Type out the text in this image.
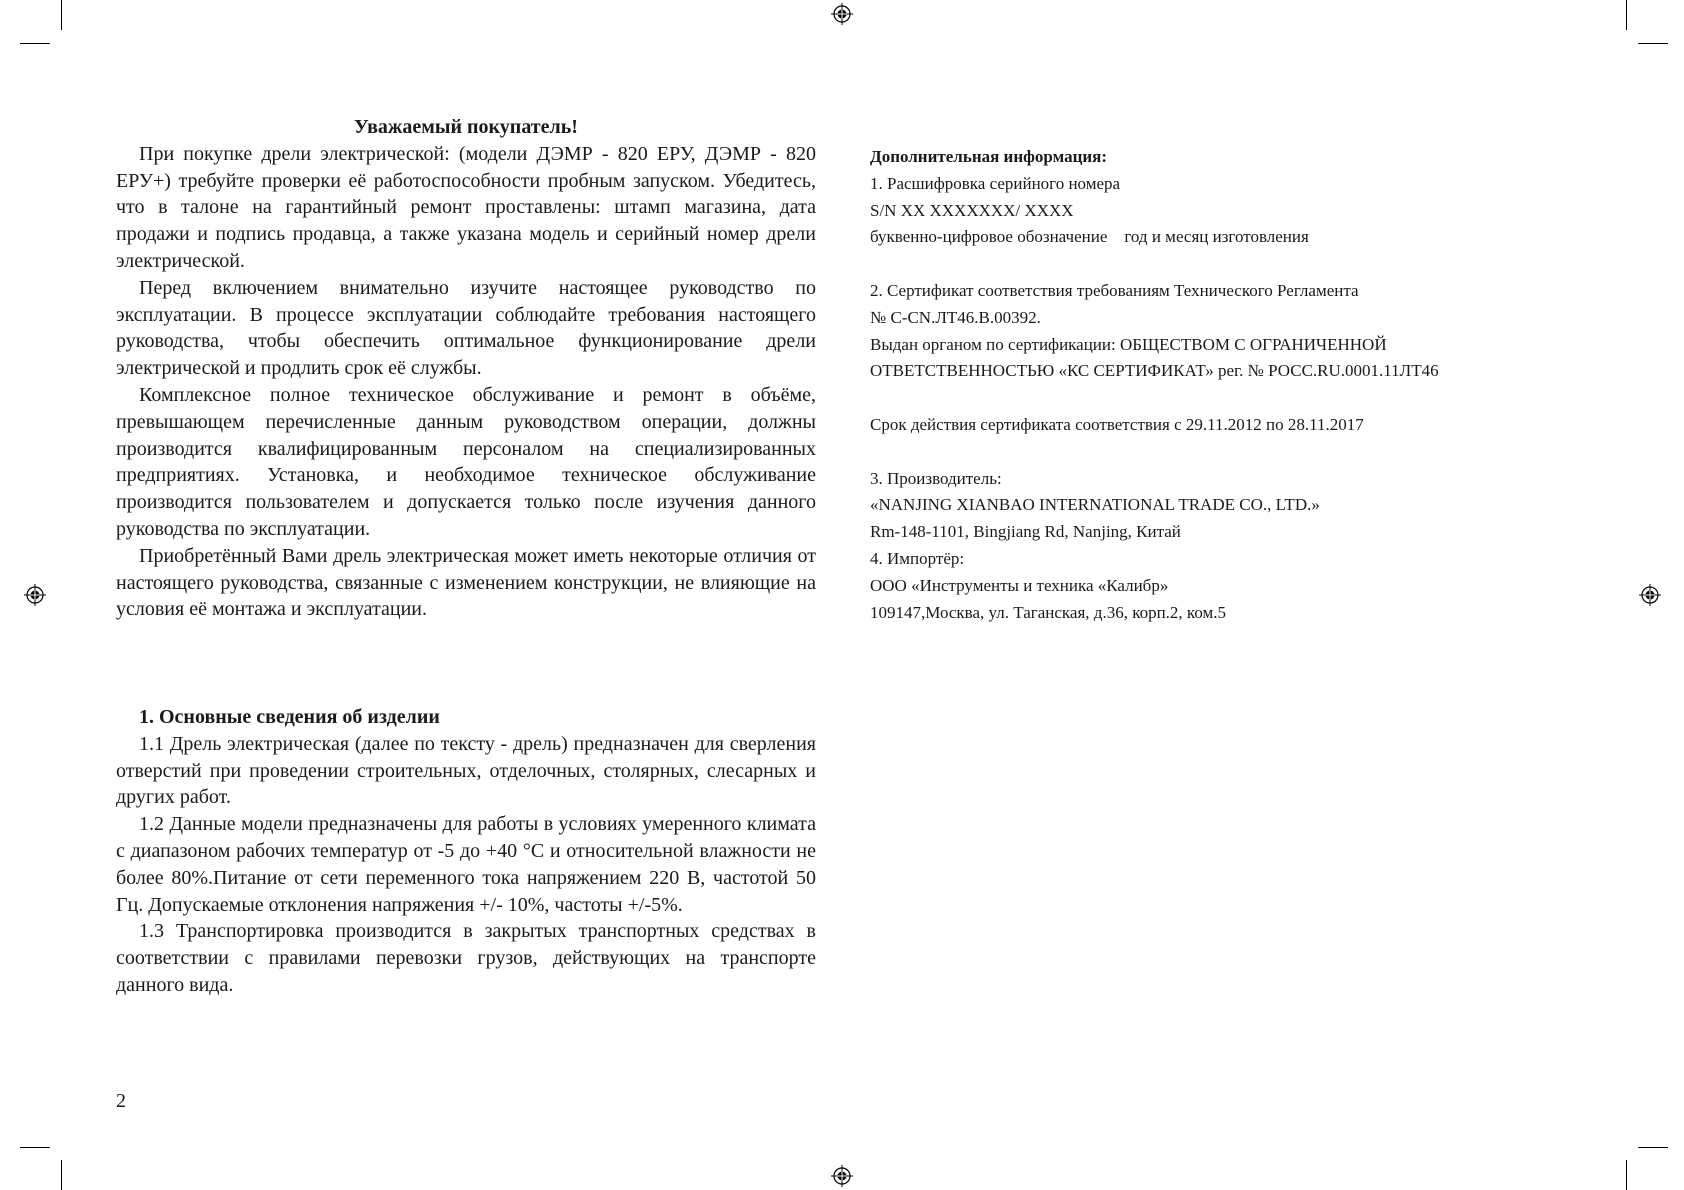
Уважаемый покупатель!

При покупке дрели электрической: (модели ДЭМР - 820 ЕРУ, ДЭМР - 820 ЕРУ+) требуйте проверки её работоспособности пробным запуском. Убедитесь, что в талоне на гарантийный ремонт проставлены: штамп магазина, дата продажи и подпись продавца, а также указана модель и серийный номер дрели электрической.

Перед включением внимательно изучите настоящее руководство по эксплуатации. В процессе эксплуатации соблюдайте требования настоящего руководства, чтобы обеспечить оптимальное функционирование дрели электрической и продлить срок её службы.

Комплексное полное техническое обслуживание и ремонт в объёме, превышающем перечисленные данным руководством операции, должны производится квалифицированным персоналом на специализированных предприятиях. Установка, и необходимое техническое обслуживание производится пользователем и допускается только после изучения данного руководства по эксплуатации.

Приобретённый Вами дрель электрическая может иметь некоторые отличия от настоящего руководства, связанные с изменением конструкции, не влияющие на условия её монтажа и эксплуатации.

1. Основные сведения об изделии

1.1 Дрель электрическая (далее по тексту - дрель) предназначен для сверления отверстий при проведении строительных, отделочных, столярных, слесарных и других работ.

1.2 Данные модели предназначены для работы в условиях умеренного климата с диапазоном рабочих температур от -5 до +40 °С и относительной влажности не более 80%.Питание от сети переменного тока напряжением 220 В, частотой 50 Гц. Допускаемые отклонения напряжения +/- 10%, частоты +/-5%.

1.3 Транспортировка производится в закрытых транспортных средствах в соответствии с правилами перевозки грузов, действующих на транспорте данного вида.

Дополнительная информация:
1. Расшифровка серийного номера
S/N ХХ ХХХХХХХ/ ХХХХ
буквенно-цифровое обозначение    год и месяц изготовления
2. Сертификат соответствия требованиям Технического Регламента
№ C-CN.ЛТ46.В.00392.
Выдан органом по сертификации: ОБЩЕСТВОМ С ОГРАНИЧЕННОЙ
ОТВЕТСТВЕННОСТЬЮ «КС СЕРТИФИКАТ» рег. № РОСС.RU.0001.11ЛТ46
Срок действия сертификата соответствия с 29.11.2012 по 28.11.2017
3. Производитель:
«NANJING XIANBAO INTERNATIONAL TRADE CO., LTD.»
Rm-148-1101, Bingjiang Rd, Nanjing, Китай
4. Импортёр:
ООО «Инструменты и техника «Калибр»
109147,Москва, ул. Таганская, д.36, корп.2, ком.5
2
